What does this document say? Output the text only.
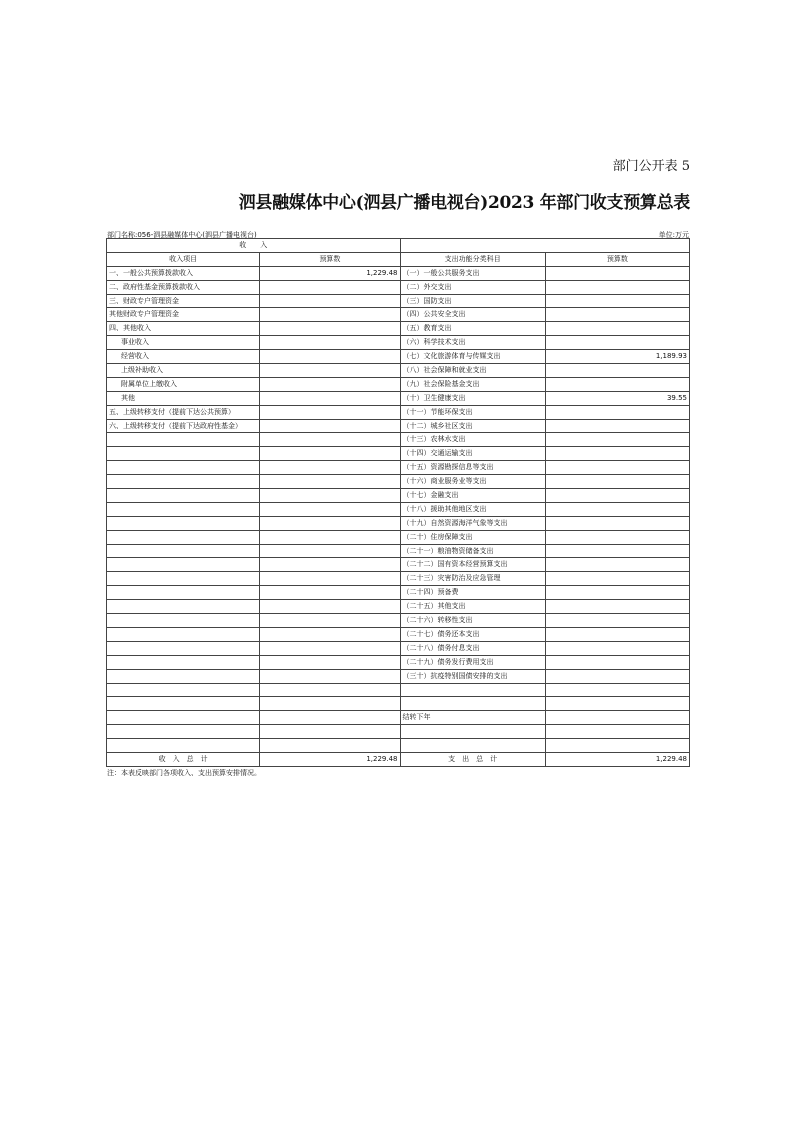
部门公开表 5
泗县融媒体中心(泗县广播电视台)2023 年部门收支预算总表
部门名称:056-泗县融媒体中心(泗县广播电视台)	单位:万元
收　　入			
收入项目	预算数	支出功能分类科目	预算数
一、一般公共预算拨款收入	1,229.48	（一）一般公共服务支出	
二、政府性基金预算拨款收入		（二）外交支出	
三、财政专户管理资金		（三）国防支出	
其他财政专户管理资金		（四）公共安全支出	
四、其他收入		（五）教育支出	
事业收入		（六）科学技术支出	
经营收入		（七）文化旅游体育与传媒支出	1,189.93
上级补助收入		（八）社会保障和就业支出	
附属单位上缴收入		（九）社会保险基金支出	
其他		（十）卫生健康支出	39.55
五、上级转移支付（提前下达公共预算）		（十一）节能环保支出	
六、上级转移支付（提前下达政府性基金）		（十二）城乡社区支出	
		（十三）农林水支出	
		（十四）交通运输支出	
		（十五）资源勘探信息等支出	
		（十六）商业服务业等支出	
		（十七）金融支出	
		（十八）援助其他地区支出	
		（十九）自然资源海洋气象等支出	
		（二十）住房保障支出	
		（二十一）粮油物资储备支出	
		（二十二）国有资本经营预算支出	
		（二十三）灾害防治及应急管理	
		（二十四）预备费	
		（二十五）其他支出	
		（二十六）转移性支出	
		（二十七）债务还本支出	
		（二十八）债务付息支出	
		（二十九）债务发行费用支出	
		（三十）抗疫特别国债安排的支出	

		结转下年	

收　入　总　计	1,229.48	支　出　总　计	1,229.48
注：本表反映部门各项收入、支出预算安排情况。
